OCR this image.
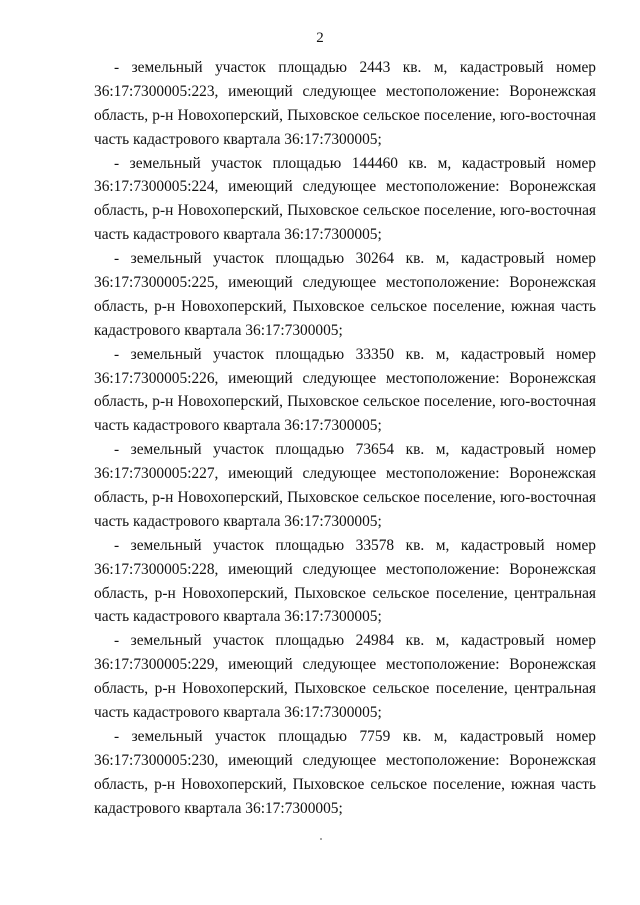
2
- земельный участок площадью 2443 кв. м, кадастровый номер
36:17:7300005:223, имеющий следующее местоположение: Воронежская
область, р-н Новохоперский, Пыховское сельское поселение, юго-восточная
часть кадастрового квартала 36:17:7300005;
- земельный участок площадью 144460 кв. м, кадастровый номер
36:17:7300005:224, имеющий следующее местоположение: Воронежская
область, р-н Новохоперский, Пыховское сельское поселение, юго-восточная
часть кадастрового квартала 36:17:7300005;
- земельный участок площадью 30264 кв. м, кадастровый номер
36:17:7300005:225, имеющий следующее местоположение: Воронежская
область, р-н Новохоперский, Пыховское сельское поселение, южная часть
кадастрового квартала 36:17:7300005;
- земельный участок площадью 33350 кв. м, кадастровый номер
36:17:7300005:226, имеющий следующее местоположение: Воронежская
область, р-н Новохоперский, Пыховское сельское поселение, юго-восточная
часть кадастрового квартала 36:17:7300005;
- земельный участок площадью 73654 кв. м, кадастровый номер
36:17:7300005:227, имеющий следующее местоположение: Воронежская
область, р-н Новохоперский, Пыховское сельское поселение, юго-восточная
часть кадастрового квартала 36:17:7300005;
- земельный участок площадью 33578 кв. м, кадастровый номер
36:17:7300005:228, имеющий следующее местоположение: Воронежская
область, р-н Новохоперский, Пыховское сельское поселение, центральная
часть кадастрового квартала 36:17:7300005;
- земельный участок площадью 24984 кв. м, кадастровый номер
36:17:7300005:229, имеющий следующее местоположение: Воронежская
область, р-н Новохоперский, Пыховское сельское поселение, центральная
часть кадастрового квартала 36:17:7300005;
- земельный участок площадью 7759 кв. м, кадастровый номер
36:17:7300005:230, имеющий следующее местоположение: Воронежская
область, р-н Новохоперский, Пыховское сельское поселение, южная часть
кадастрового квартала 36:17:7300005;
